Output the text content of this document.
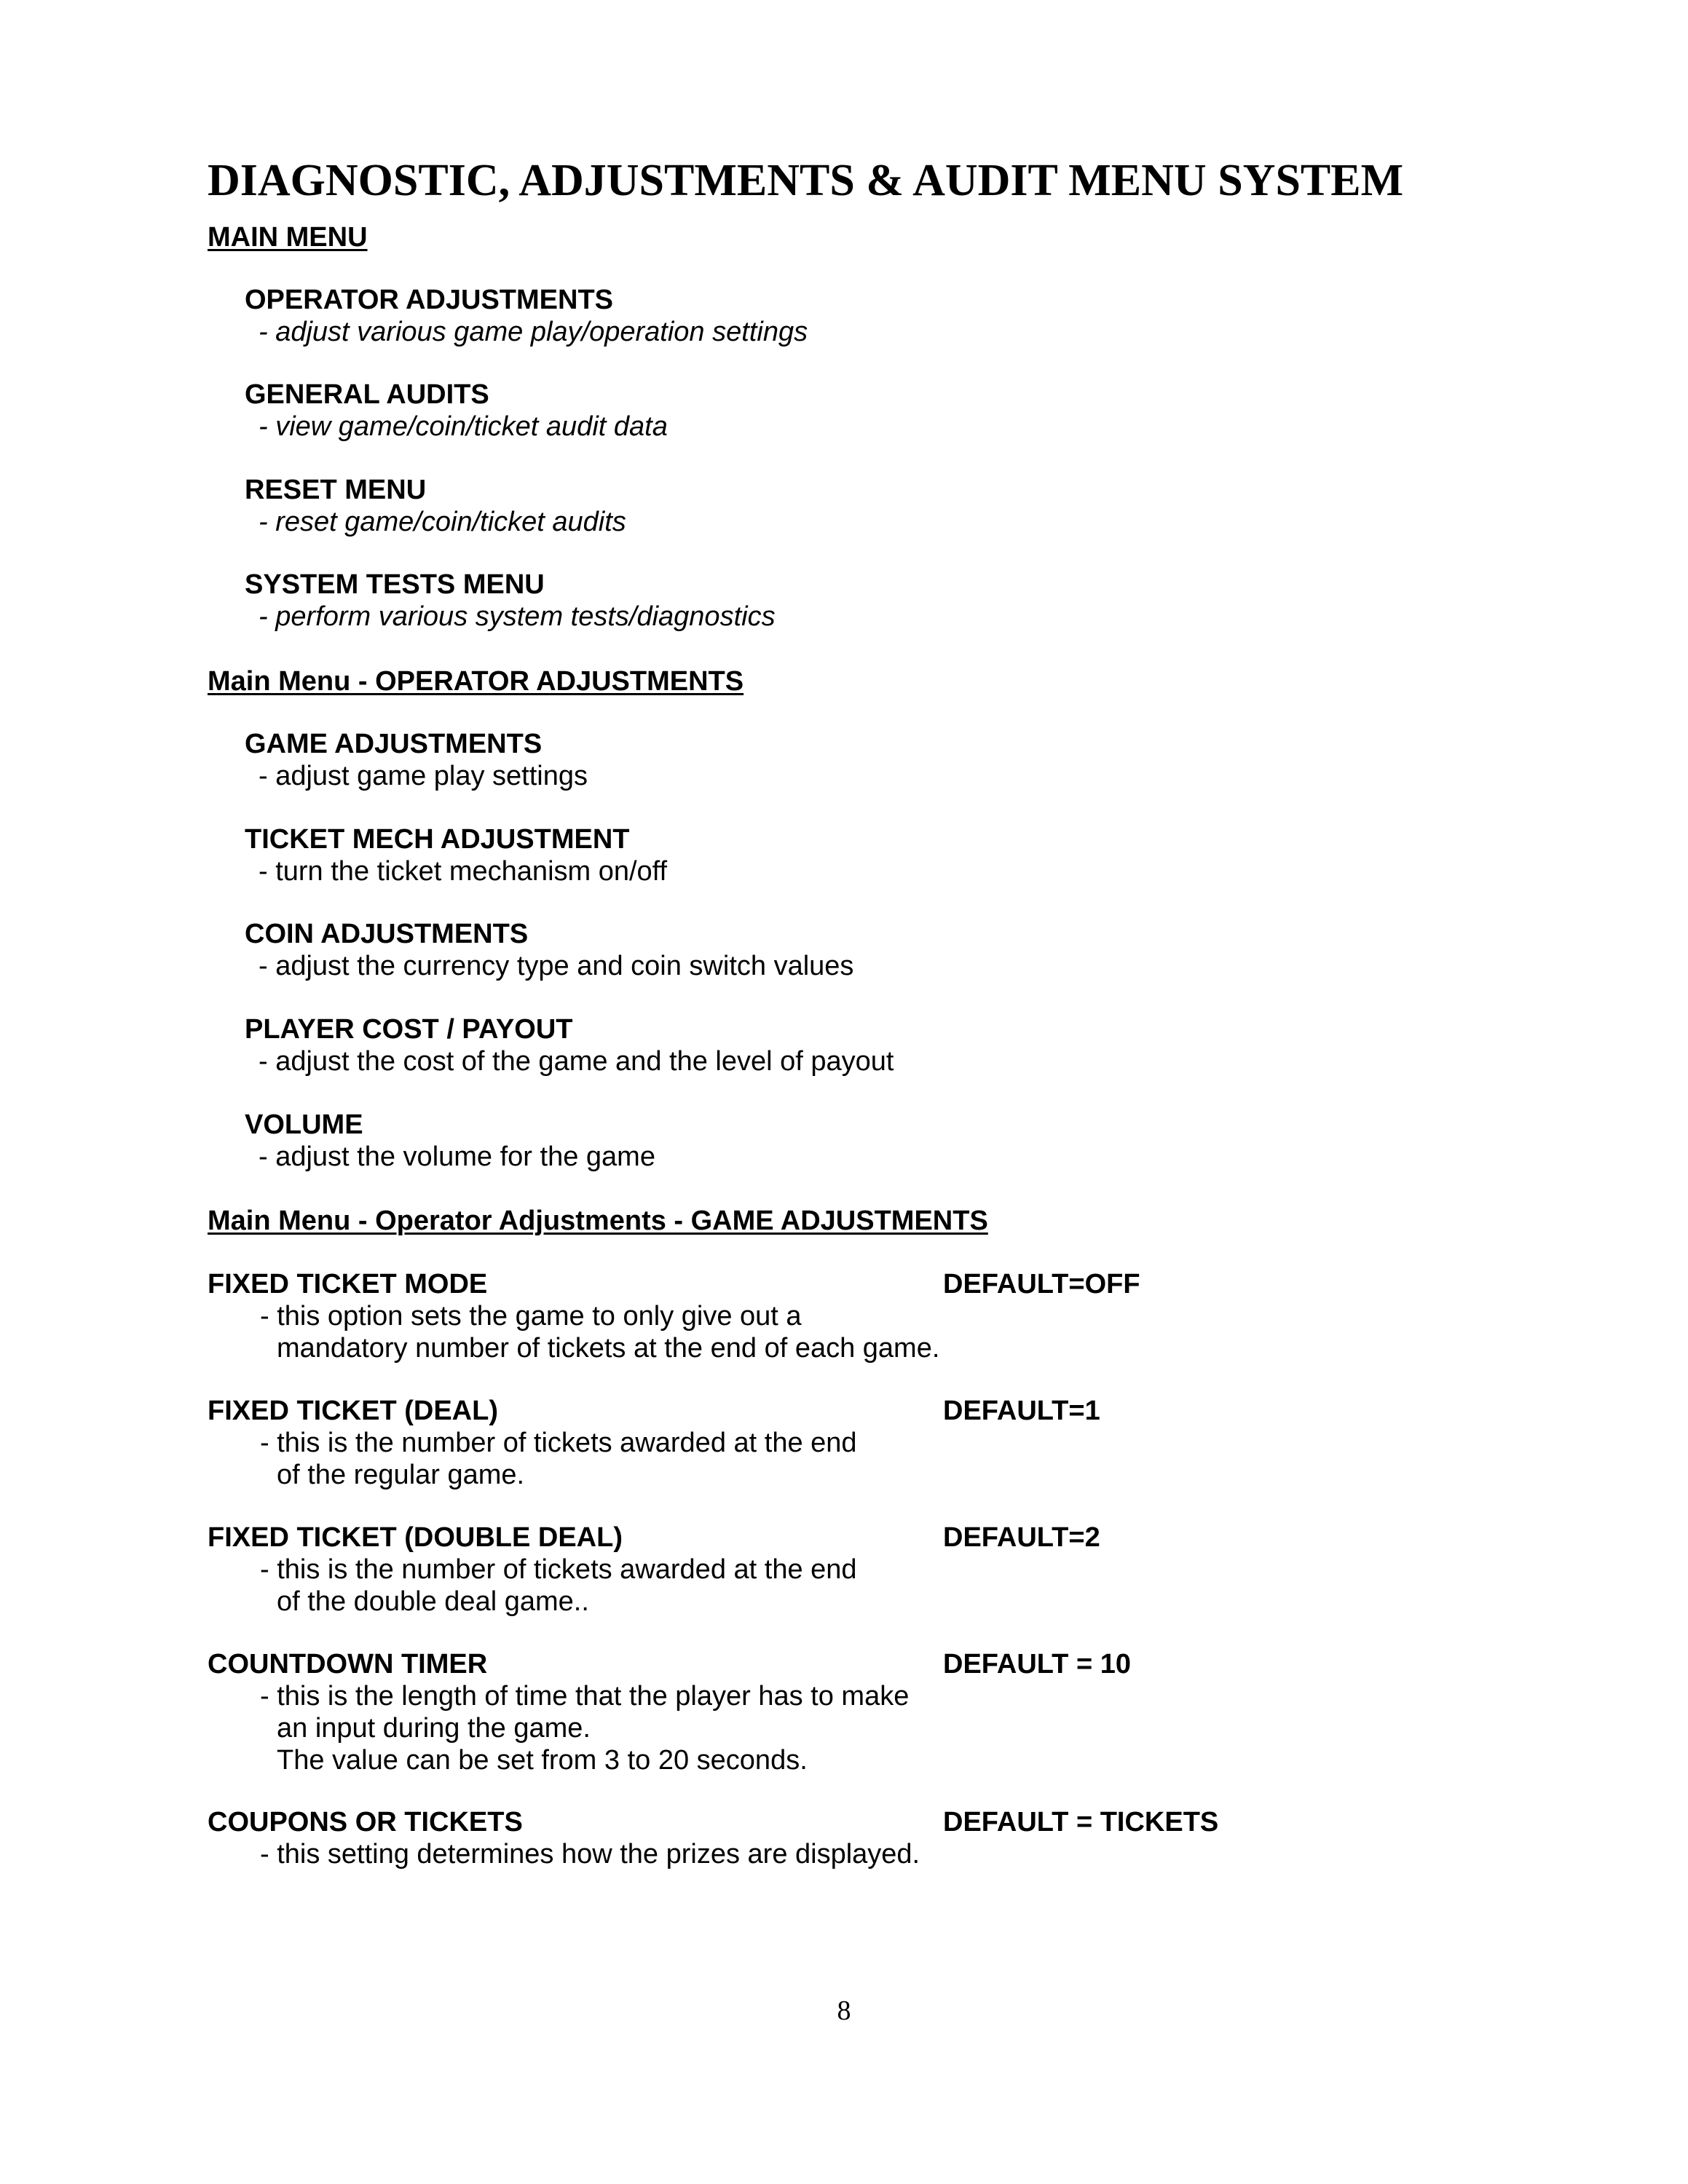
DIAGNOSTIC, ADJUSTMENTS & AUDIT MENU SYSTEM
MAIN MENU
OPERATOR ADJUSTMENTS
- adjust various game play/operation settings
GENERAL AUDITS
- view game/coin/ticket audit data
RESET MENU
- reset game/coin/ticket audits
SYSTEM TESTS MENU
- perform various system tests/diagnostics
Main Menu - OPERATOR ADJUSTMENTS
GAME ADJUSTMENTS
- adjust game play settings
TICKET MECH ADJUSTMENT
- turn the ticket mechanism on/off
COIN ADJUSTMENTS
- adjust the currency type and coin switch values
PLAYER COST / PAYOUT
- adjust the cost of the game and the level of payout
VOLUME
- adjust the volume for the game
Main Menu - Operator Adjustments - GAME ADJUSTMENTS
FIXED TICKET MODE	DEFAULT=OFF
- this option sets the game to only give out a
mandatory number of tickets at the end of each game.
FIXED TICKET (DEAL)	DEFAULT=1
- this is the number of tickets awarded at the end
of the regular game.
FIXED TICKET (DOUBLE DEAL)	DEFAULT=2
- this is the number of tickets awarded at the end
of the double deal game..
COUNTDOWN TIMER	DEFAULT = 10
- this is the length of time that the player has to make
an input during the game.
The value can be set from 3 to 20 seconds.
COUPONS OR TICKETS	DEFAULT = TICKETS
- this setting determines how the prizes are displayed.
8
